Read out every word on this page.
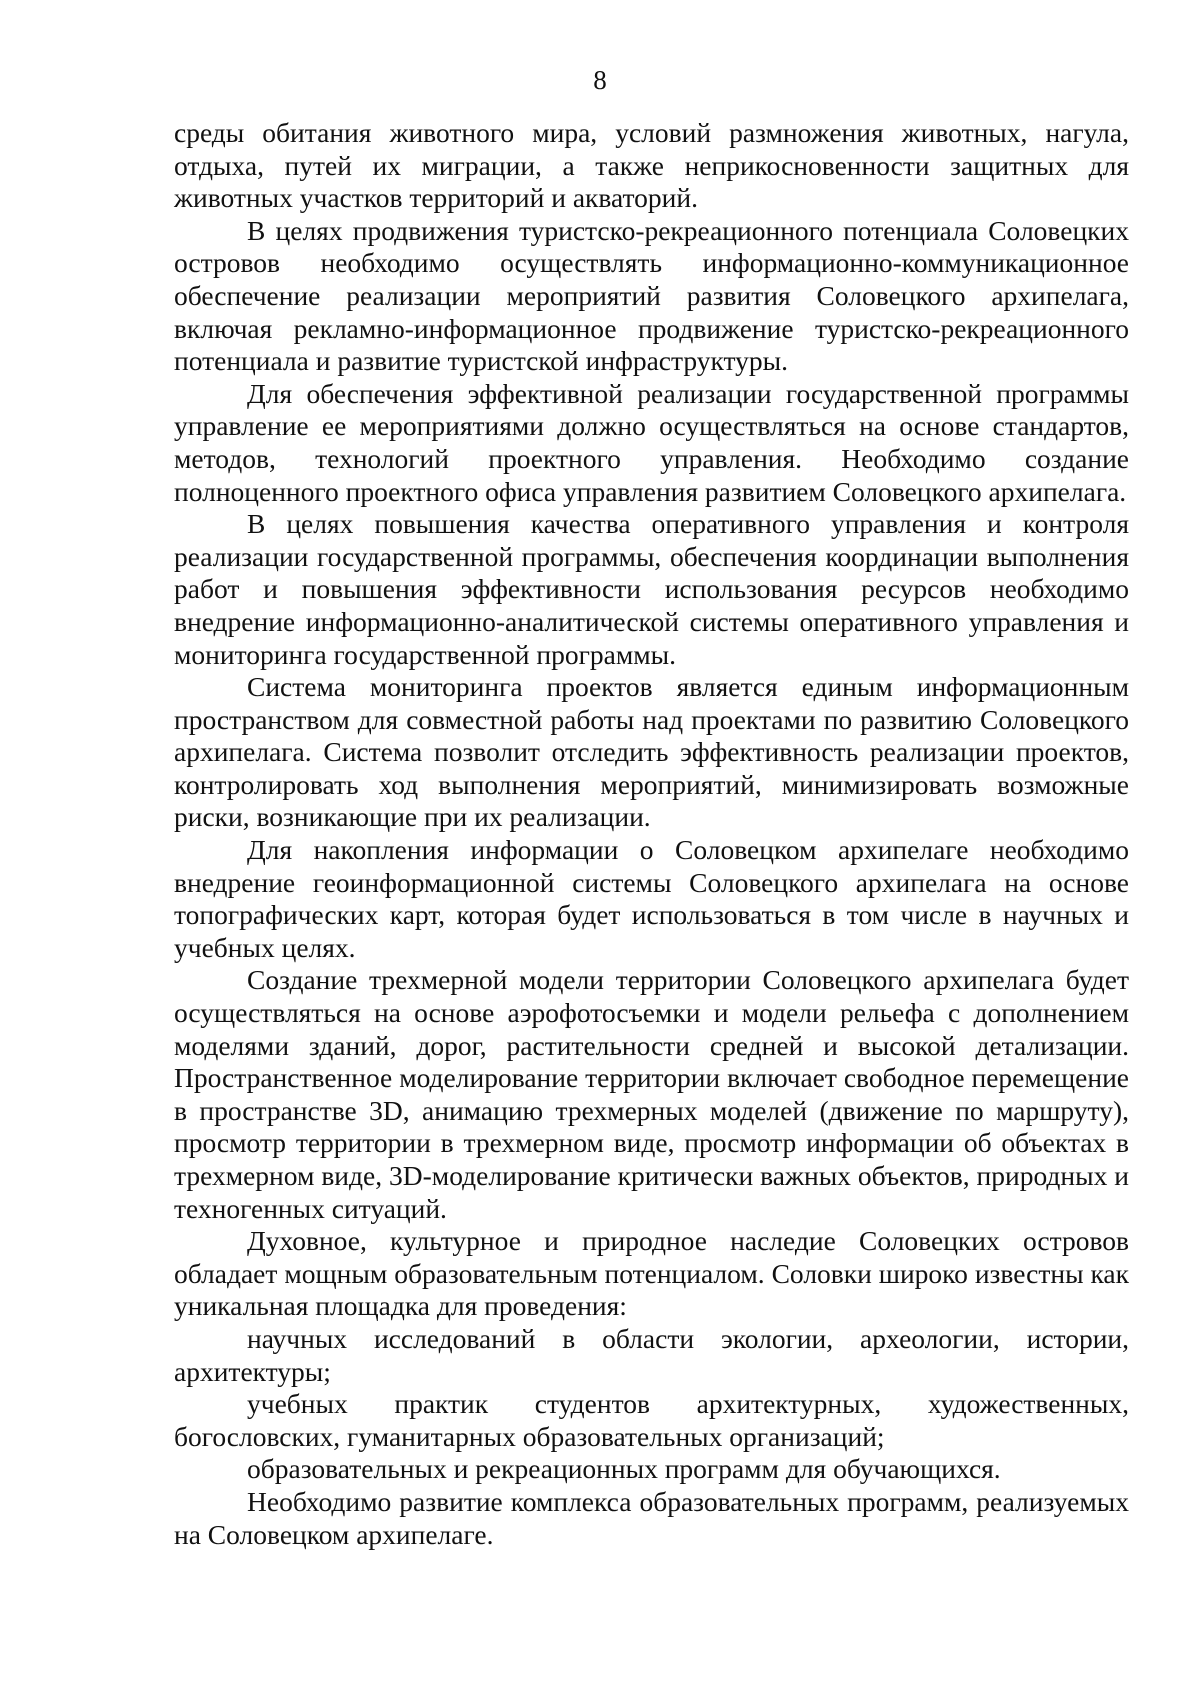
8

среды обитания животного мира, условий размножения животных, нагула, отдыха, путей их миграции, а также неприкосновенности защитных для животных участков территорий и акваторий.

В целях продвижения туристско-рекреационного потенциала Соловецких островов необходимо осуществлять информационно-коммуникационное обеспечение реализации мероприятий развития Соловецкого архипелага, включая рекламно-информационное продвижение туристско-рекреационного потенциала и развитие туристской инфраструктуры.

Для обеспечения эффективной реализации государственной программы управление ее мероприятиями должно осуществляться на основе стандартов, методов, технологий проектного управления. Необходимо создание полноценного проектного офиса управления развитием Соловецкого архипелага.

В целях повышения качества оперативного управления и контроля реализации государственной программы, обеспечения координации выполнения работ и повышения эффективности использования ресурсов необходимо внедрение информационно-аналитической системы оперативного управления и мониторинга государственной программы.

Система мониторинга проектов является единым информационным пространством для совместной работы над проектами по развитию Соловецкого архипелага. Система позволит отследить эффективность реализации проектов, контролировать ход выполнения мероприятий, минимизировать возможные риски, возникающие при их реализации.

Для накопления информации о Соловецком архипелаге необходимо внедрение геоинформационной системы Соловецкого архипелага на основе топографических карт, которая будет использоваться в том числе в научных и учебных целях.

Создание трехмерной модели территории Соловецкого архипелага будет осуществляться на основе аэрофотосъемки и модели рельефа с дополнением моделями зданий, дорог, растительности средней и высокой детализации. Пространственное моделирование территории включает свободное перемещение в пространстве 3D, анимацию трехмерных моделей (движение по маршруту), просмотр территории в трехмерном виде, просмотр информации об объектах в трехмерном виде, 3D-моделирование критически важных объектов, природных и техногенных ситуаций.

Духовное, культурное и природное наследие Соловецких островов обладает мощным образовательным потенциалом. Соловки широко известны как уникальная площадка для проведения:

научных исследований в области экологии, археологии, истории, архитектуры;

учебных практик студентов архитектурных, художественных, богословских, гуманитарных образовательных организаций;

образовательных и рекреационных программ для обучающихся.

Необходимо развитие комплекса образовательных программ, реализуемых на Соловецком архипелаге.
